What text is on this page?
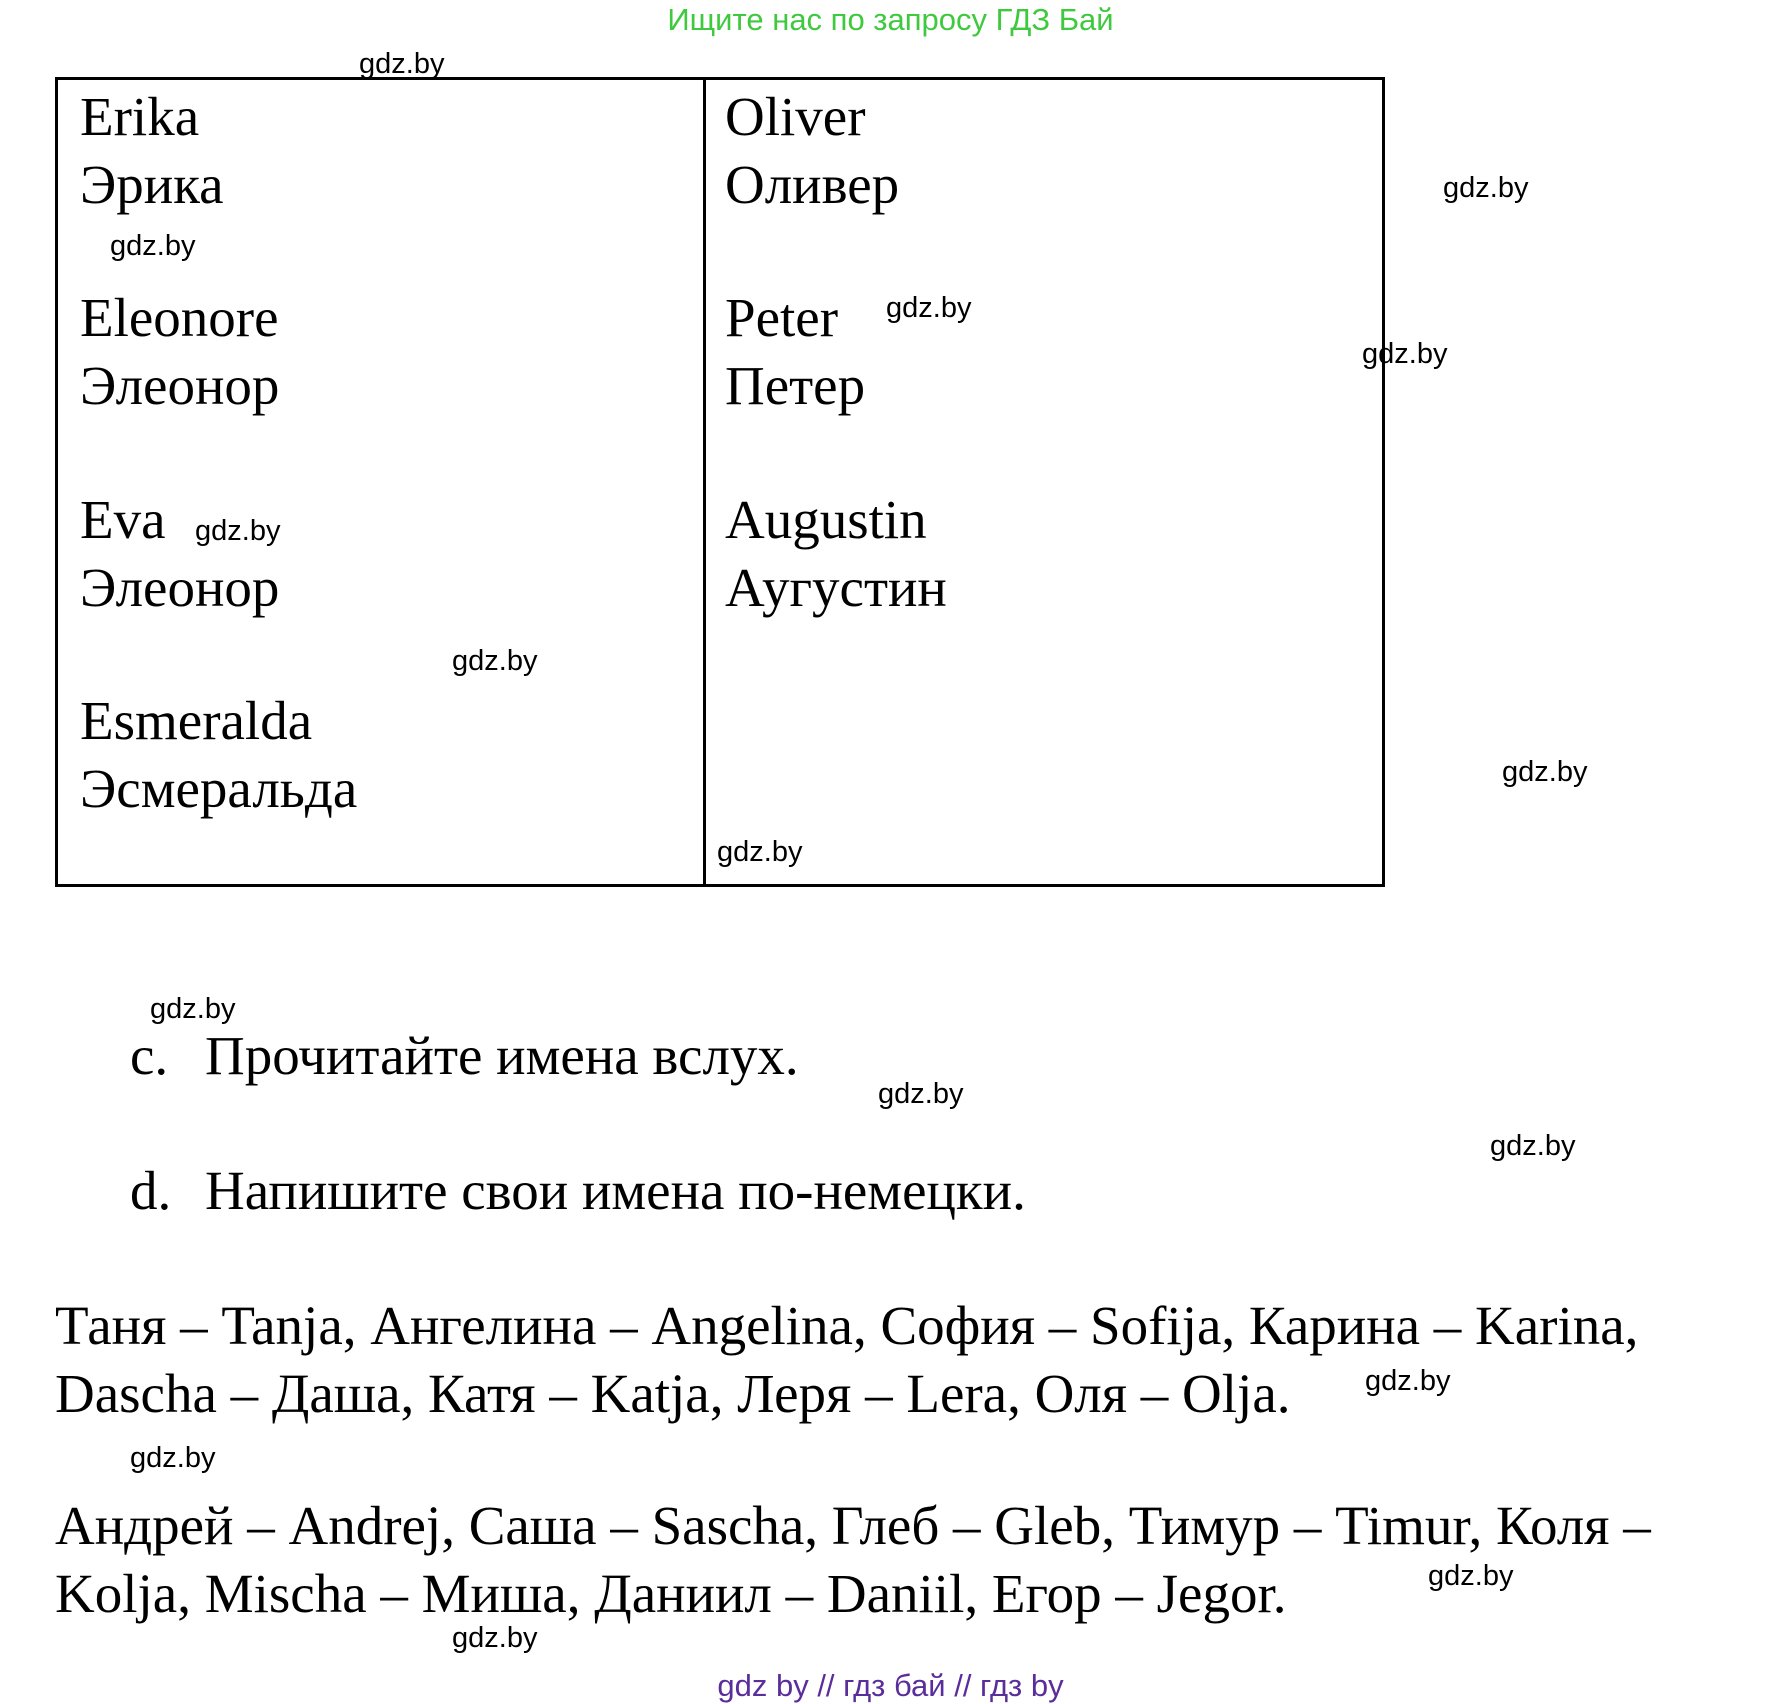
Ищите нас по запросу ГДЗ Бай
Erika
Эрика
Eleonore
Элеонор
Eva
Элеонор
Esmeralda
Эсмеральда
Oliver
Оливер
Peter
Петер
Augustin
Аугустин
c. Прочитайте имена вслух.
d. Напишите свои имена по-немецки.
Таня – Tanja, Ангелина – Angelina, София – Sofija, Карина – Karina,
Dascha – Даша, Катя – Katja, Леря – Lera, Оля – Olja.
Андрей – Andrej, Саша – Sascha, Глеб – Gleb, Тимур – Timur, Коля –
Kolja, Mischa – Миша, Даниил – Daniil, Егор – Jegor.
gdz.by
gdz.by
gdz.by
gdz.by
gdz.by
gdz.by
gdz.by
gdz.by
gdz.by
gdz.by
gdz.by
gdz.by
gdz.by
gdz.by
gdz.by
gdz.by
gdz by // гдз бай // гдз by
